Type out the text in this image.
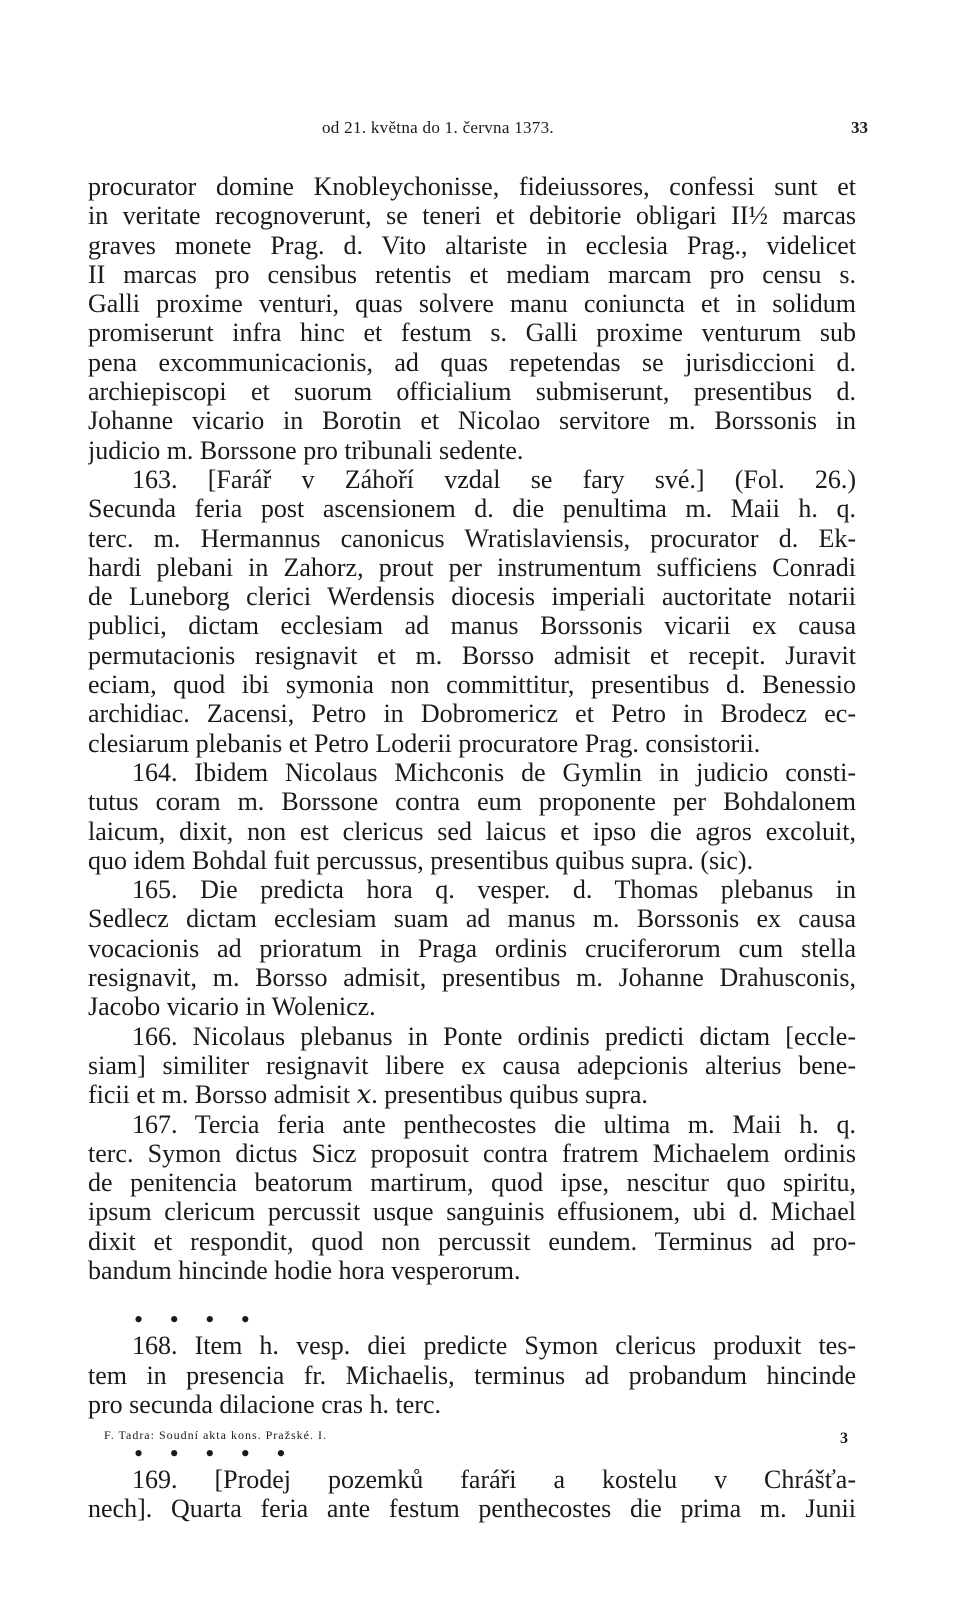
od 21. května do 1. června 1373.	33
procurator domine Knobleychonisse, fideiussores, confessi sunt et
in veritate recognoverunt, se teneri et debitorie obligari II½ marcas
graves monete Prag. d. Vito altariste in ecclesia Prag., videlicet
II marcas pro censibus retentis et mediam marcam pro censu s.
Galli proxime venturi, quas solvere manu coniuncta et in solidum
promiserunt infra hinc et festum s. Galli proxime venturum sub
pena excommunicacionis, ad quas repetendas se jurisdiccioni d.
archiepiscopi et suorum officialium submiserunt, presentibus d.
Johanne vicario in Borotin et Nicolao servitore m. Borssonis in
judicio m. Borssone pro tribunali sedente.
163. [Farář v Záhoří vzdal se fary své.] (Fol. 26.)
Secunda feria post ascensionem d. die penultima m. Maii h. q.
terc. m. Hermannus canonicus Wratislaviensis, procurator d. Ek-
hardi plebani in Zahorz, prout per instrumentum sufficiens Conradi
de Luneborg clerici Werdensis diocesis imperiali auctoritate notarii
publici, dictam ecclesiam ad manus Borssonis vicarii ex causa
permutacionis resignavit et m. Borsso admisit et recepit. Juravit
eciam, quod ibi symonia non committitur, presentibus d. Benessio
archidiac. Zacensi, Petro in Dobromericz et Petro in Brodecz ec-
clesiarum plebanis et Petro Loderii procuratore Prag. consistorii.
164. Ibidem Nicolaus Michconis de Gymlin in judicio consti-
tutus coram m. Borssone contra eum proponente per Bohdalonem
laicum, dixit, non est clericus sed laicus et ipso die agros excoluit,
quo idem Bohdal fuit percussus, presentibus quibus supra. (sic).
165. Die predicta hora q. vesper. d. Thomas plebanus in
Sedlecz dictam ecclesiam suam ad manus m. Borssonis ex causa
vocacionis ad prioratum in Praga ordinis cruciferorum cum stella
resignavit, m. Borsso admisit, presentibus m. Johanne Drahusconis,
Jacobo vicario in Wolenicz.
166. Nicolaus plebanus in Ponte ordinis predicti dictam [eccle-
siam] similiter resignavit libere ex causa adepcionis alterius bene-
ficii et m. Borsso admisit 𝑥. presentibus quibus supra.
167. Tercia feria ante penthecostes die ultima m. Maii h. q.
terc. Symon dictus Sicz proposuit contra fratrem Michaelem ordinis
de penitencia beatorum martirum, quod ipse, nescitur quo spiritu,
ipsum clericum percussit usque sanguinis effusionem, ubi d. Michael
dixit et respondit, quod non percussit eundem. Terminus ad pro-
bandum hincinde hodie hora vesperorum.
• • • •
168. Item h. vesp. diei predicte Symon clericus produxit tes-
tem in presencia fr. Michaelis, terminus ad probandum hincinde
pro secunda dilacione cras h. terc.
• • • • •
169. [Prodej pozemků faráři a kostelu v Chrášťa-
nech]. Quarta feria ante festum penthecostes die prima m. Junii
F. Tadra: Soudní akta kons. Pražské. I.	3
